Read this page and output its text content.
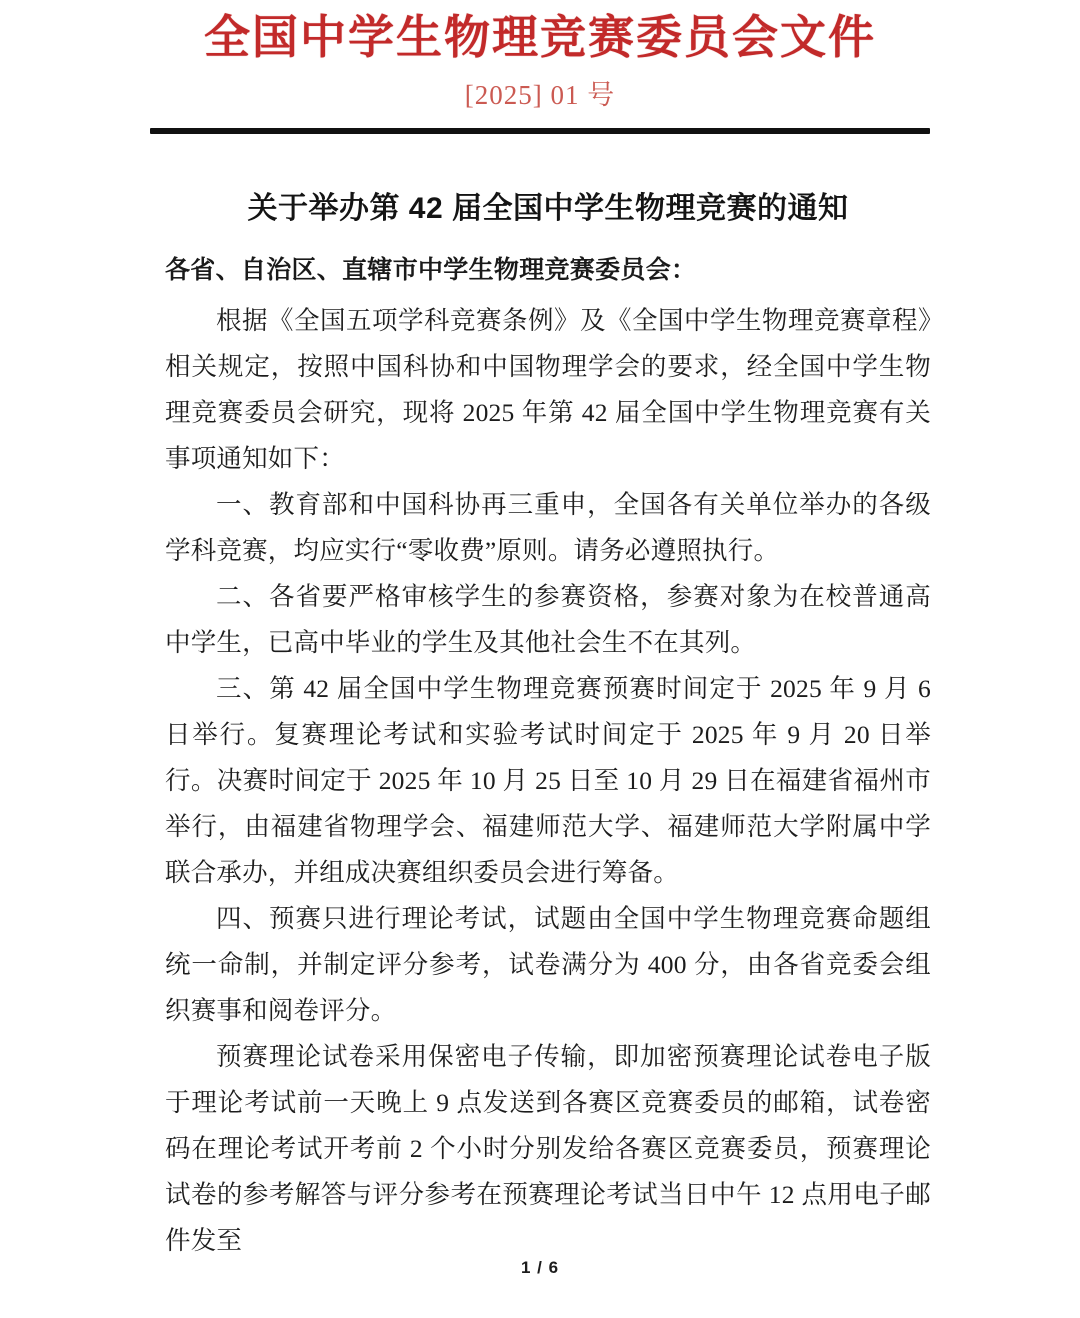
全国中学生物理竞赛委员会文件
[2025] 01 号
关于举办第 42 届全国中学生物理竞赛的通知

各省、自治区、直辖市中学生物理竞赛委员会：

根据《全国五项学科竞赛条例》及《全国中学生物理竞赛章程》相关规定，按照中国科协和中国物理学会的要求，经全国中学生物理竞赛委员会研究，现将 2025 年第 42 届全国中学生物理竞赛有关事项通知如下：

一、教育部和中国科协再三重申，全国各有关单位举办的各级学科竞赛，均应实行“零收费”原则。请务必遵照执行。

二、各省要严格审核学生的参赛资格，参赛对象为在校普通高中学生，已高中毕业的学生及其他社会生不在其列。

三、第 42 届全国中学生物理竞赛预赛时间定于 2025 年 9 月 6 日举行。复赛理论考试和实验考试时间定于 2025 年 9 月 20 日举行。决赛时间定于 2025 年 10 月 25 日至 10 月 29 日在福建省福州市举行，由福建省物理学会、福建师范大学、福建师范大学附属中学联合承办，并组成决赛组织委员会进行筹备。

四、预赛只进行理论考试，试题由全国中学生物理竞赛命题组统一命制，并制定评分参考，试卷满分为 400 分，由各省竞委会组织赛事和阅卷评分。

预赛理论试卷采用保密电子传输，即加密预赛理论试卷电子版于理论考试前一天晚上 9 点发送到各赛区竞赛委员的邮箱，试卷密码在理论考试开考前 2 个小时分别发给各赛区竞赛委员，预赛理论试卷的参考解答与评分参考在预赛理论考试当日中午 12 点用电子邮件发至

1 / 6
